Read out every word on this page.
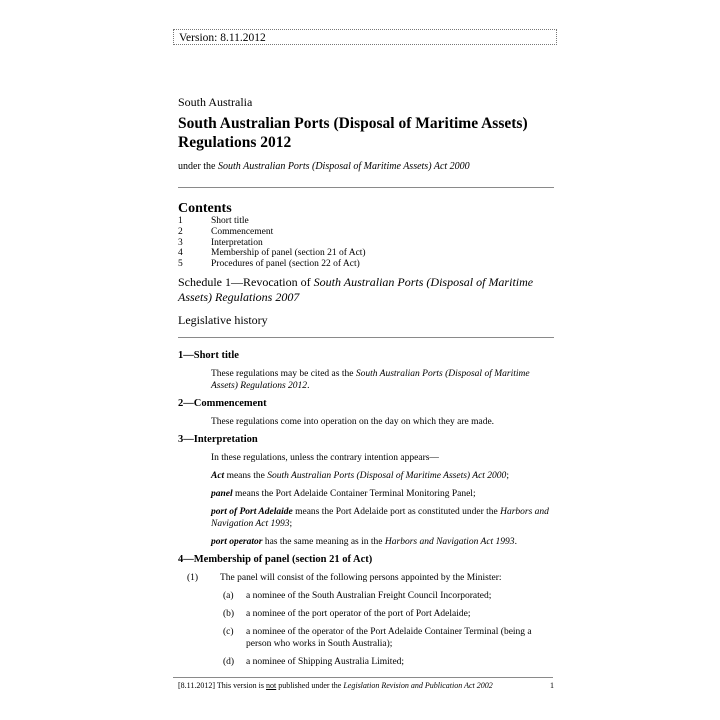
Version: 8.11.2012
South Australia
South Australian Ports (Disposal of Maritime Assets) Regulations 2012
under the South Australian Ports (Disposal of Maritime Assets) Act 2000
Contents
1	Short title
2	Commencement
3	Interpretation
4	Membership of panel (section 21 of Act)
5	Procedures of panel (section 22 of Act)
Schedule 1—Revocation of South Australian Ports (Disposal of Maritime Assets) Regulations 2007
Legislative history
1—Short title
These regulations may be cited as the South Australian Ports (Disposal of Maritime Assets) Regulations 2012.
2—Commencement
These regulations come into operation on the day on which they are made.
3—Interpretation
In these regulations, unless the contrary intention appears—
Act means the South Australian Ports (Disposal of Maritime Assets) Act 2000;
panel means the Port Adelaide Container Terminal Monitoring Panel;
port of Port Adelaide means the Port Adelaide port as constituted under the Harbors and Navigation Act 1993;
port operator has the same meaning as in the Harbors and Navigation Act 1993.
4—Membership of panel (section 21 of Act)
(1)	The panel will consist of the following persons appointed by the Minister:
(a)	a nominee of the South Australian Freight Council Incorporated;
(b)	a nominee of the port operator of the port of Port Adelaide;
(c)	a nominee of the operator of the Port Adelaide Container Terminal (being a person who works in South Australia);
(d)	a nominee of Shipping Australia Limited;
[8.11.2012] This version is not published under the Legislation Revision and Publication Act 2002	1
